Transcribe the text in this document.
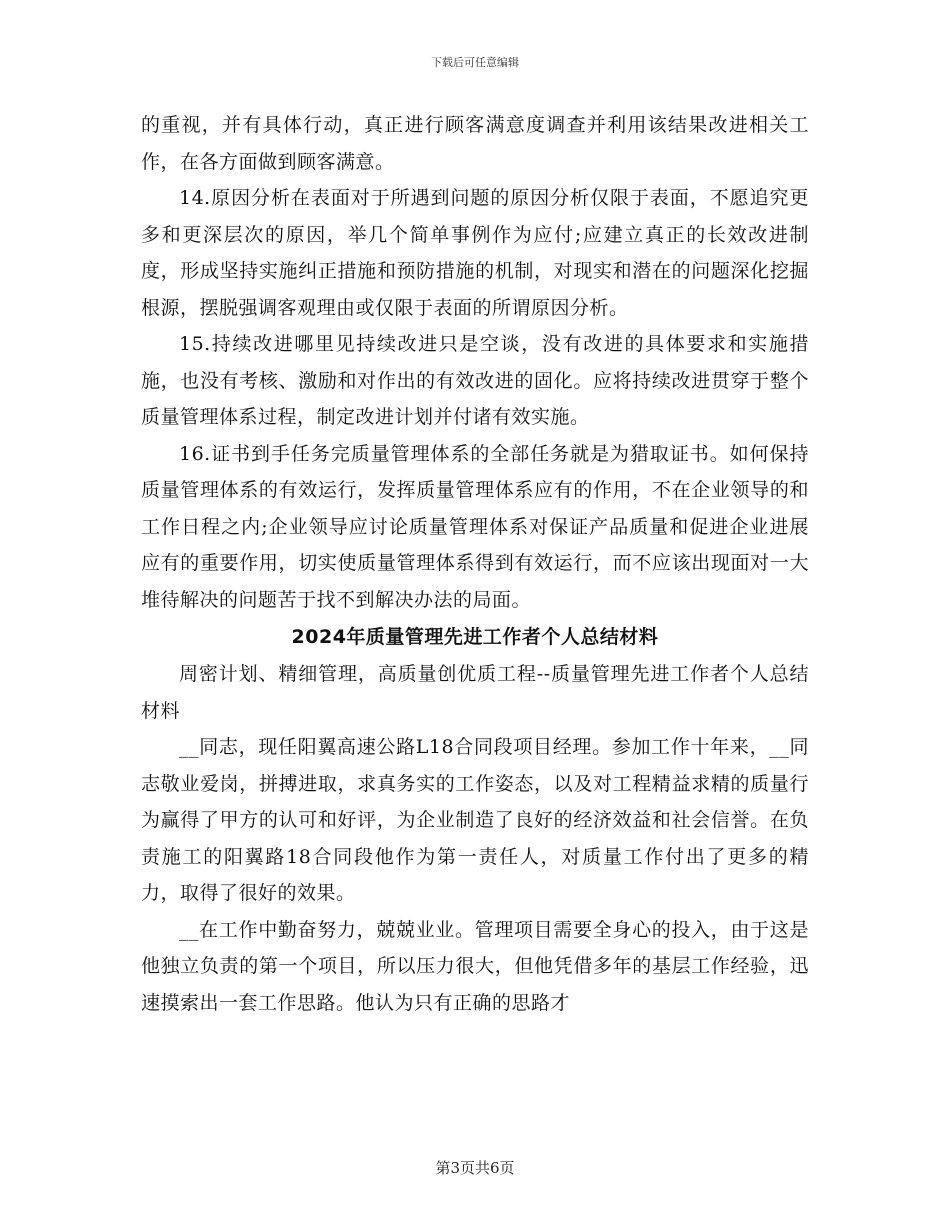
下载后可任意编辑

的重视，并有具体行动，真正进行顾客满意度调查并利用该结果改进相关工作，在各方面做到顾客满意。

14.原因分析在表面对于所遇到问题的原因分析仅限于表面，不愿追究更多和更深层次的原因，举几个简单事例作为应付;应建立真正的长效改进制度，形成坚持实施纠正措施和预防措施的机制，对现实和潜在的问题深化挖掘根源，摆脱强调客观理由或仅限于表面的所谓原因分析。

15.持续改进哪里见持续改进只是空谈，没有改进的具体要求和实施措施，也没有考核、激励和对作出的有效改进的固化。应将持续改进贯穿于整个质量管理体系过程，制定改进计划并付诸有效实施。

16.证书到手任务完质量管理体系的全部任务就是为猎取证书。如何保持质量管理体系的有效运行，发挥质量管理体系应有的作用，不在企业领导的和工作日程之内;企业领导应讨论质量管理体系对保证产品质量和促进企业进展应有的重要作用，切实使质量管理体系得到有效运行，而不应该出现面对一大堆待解决的问题苦于找不到解决办法的局面。

2024年质量管理先进工作者个人总结材料

周密计划、精细管理，高质量创优质工程--质量管理先进工作者个人总结材料

__同志，现任阳翼高速公路L18合同段项目经理。参加工作十年来，__同志敬业爱岗，拼搏进取，求真务实的工作姿态，以及对工程精益求精的质量行为赢得了甲方的认可和好评，为企业制造了良好的经济效益和社会信誉。在负责施工的阳翼路18合同段他作为第一责任人，对质量工作付出了更多的精力，取得了很好的效果。

__在工作中勤奋努力，兢兢业业。管理项目需要全身心的投入，由于这是他独立负责的第一个项目，所以压力很大，但他凭借多年的基层工作经验，迅速摸索出一套工作思路。他认为只有正确的思路才

第3页共6页
